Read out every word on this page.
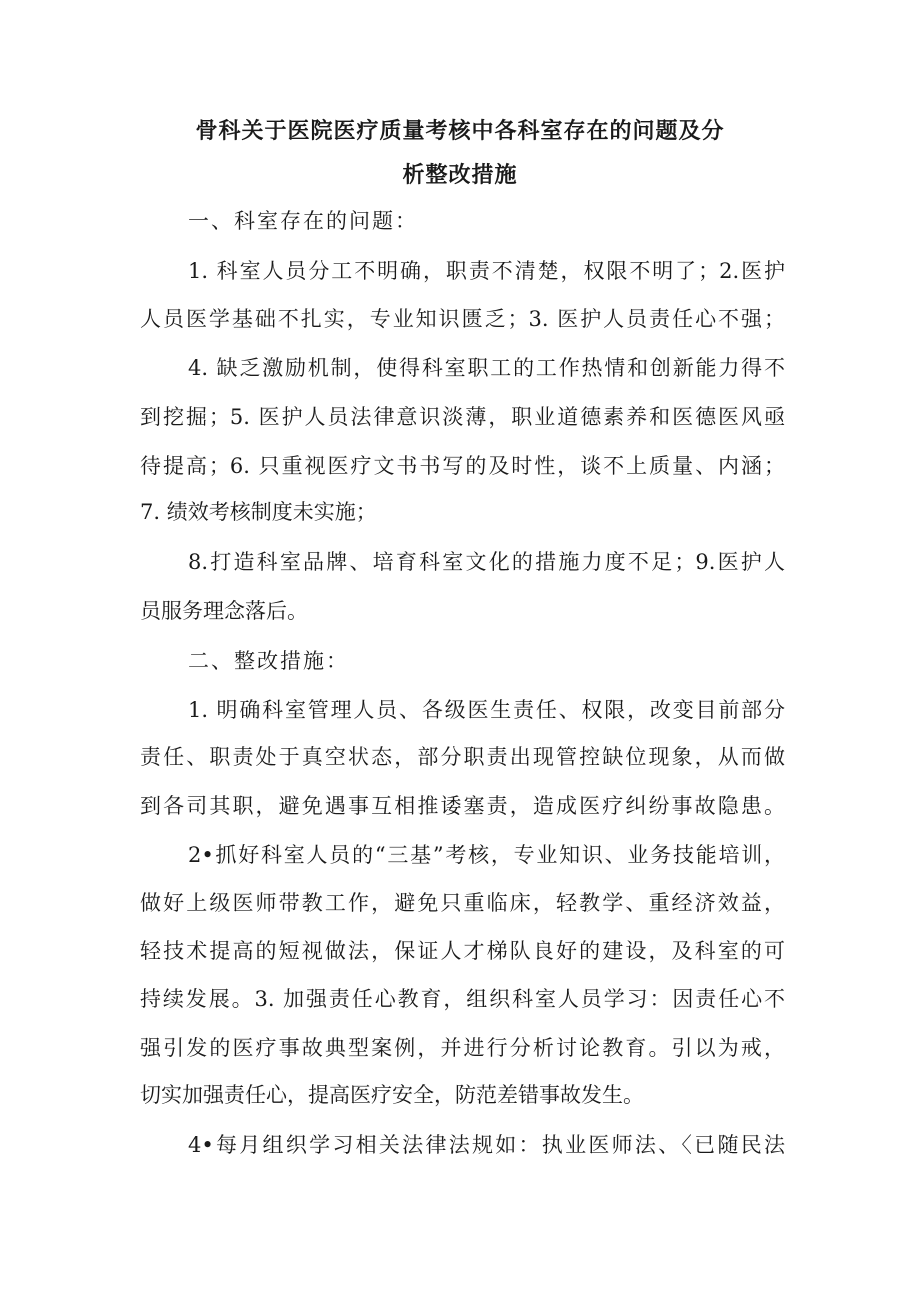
骨科关于医院医疗质量考核中各科室存在的问题及分
析整改措施
一、科室存在的问题：
1. 科室人员分工不明确，职责不清楚，权限不明了；2.医护
人员医学基础不扎实，专业知识匮乏；3. 医护人员责任心不强；
4. 缺乏激励机制，使得科室职工的工作热情和创新能力得不
到挖掘；5. 医护人员法律意识淡薄，职业道德素养和医德医风亟
待提高；6. 只重视医疗文书书写的及时性，谈不上质量、内涵；
7. 绩效考核制度未实施；
8.打造科室品牌、培育科室文化的措施力度不足；9.医护人
员服务理念落后。
二、整改措施：
1. 明确科室管理人员、各级医生责任、权限，改变目前部分
责任、职责处于真空状态，部分职责出现管控缺位现象，从而做
到各司其职，避免遇事互相推诿塞责，造成医疗纠纷事故隐患。
2•抓好科室人员的“三基”考核，专业知识、业务技能培训，
做好上级医师带教工作，避免只重临床，轻教学、重经济效益，
轻技术提高的短视做法，保证人才梯队良好的建设，及科室的可
持续发展。3. 加强责任心教育，组织科室人员学习：因责任心不
强引发的医疗事故典型案例，并进行分析讨论教育。引以为戒，
切实加强责任心，提高医疗安全，防范差错事故发生。
4•每月组织学习相关法律法规如：执业医师法、〈已随民法
